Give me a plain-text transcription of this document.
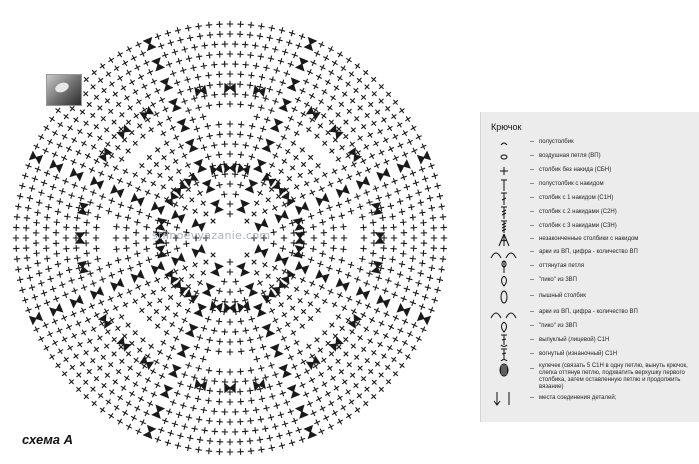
stilnoevyazanie.com
схема А
Крючок
– полустолбик
– воздушная петля (ВП)
– столбик без накида (СБН)
– полустолбик с накидом
– столбик с 1 накидом (С1Н)
– столбик с 2 накидами (С2Н)
– столбик с 3 накидами (С3Н)
– незаконченные столбики с накидом
– арки из ВП, цифра - количество ВП
– оттянутая петля
– "пико" из 3ВП
– пышный столбик
– арки из ВП, цифра - количество ВП
– "пико" из 3ВП
– выпуклый (лицевой) С1Н
– вогнутый (изнаночный) С1Н
– кулечек (связать 5 С1Н в одну петлю, вынуть крючок, слегка оттянув петлю, подхватить верхушку первого столбика, затем оставленную петлю и продолжить вязание)
– места соединения деталей;
